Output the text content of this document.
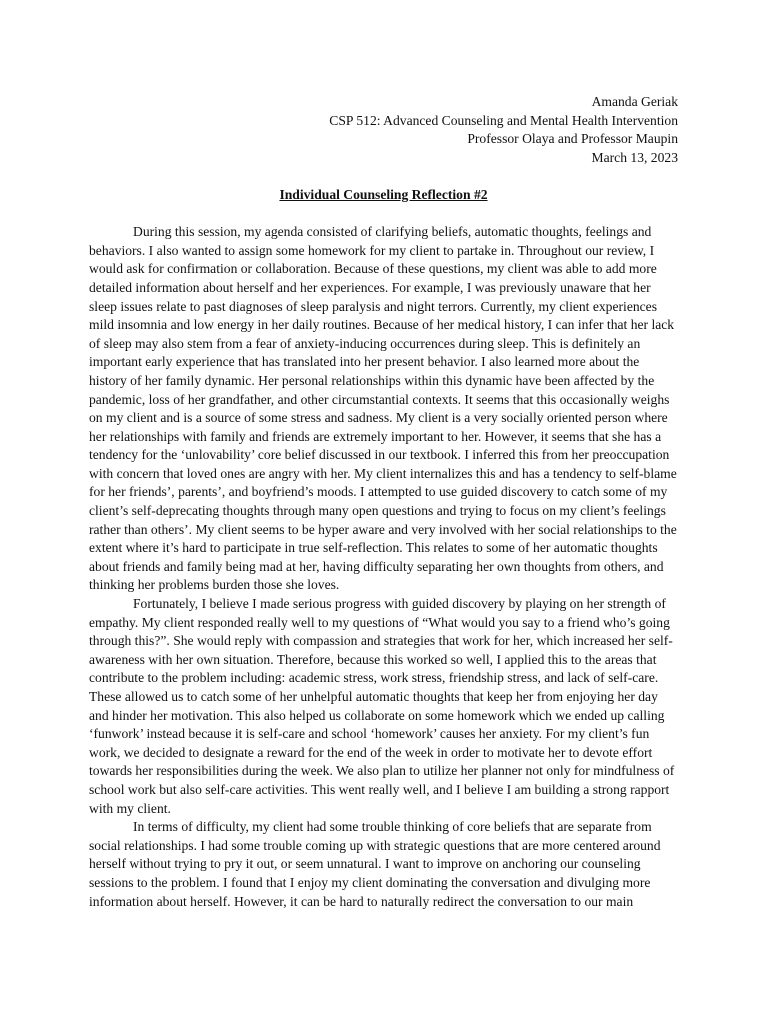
Amanda Geriak
CSP 512: Advanced Counseling and Mental Health Intervention
Professor Olaya and Professor Maupin
March 13, 2023
Individual Counseling Reflection #2

During this session, my agenda consisted of clarifying beliefs, automatic thoughts, feelings and behaviors. I also wanted to assign some homework for my client to partake in. Throughout our review, I would ask for confirmation or collaboration. Because of these questions, my client was able to add more detailed information about herself and her experiences. For example, I was previously unaware that her sleep issues relate to past diagnoses of sleep paralysis and night terrors. Currently, my client experiences mild insomnia and low energy in her daily routines. Because of her medical history, I can infer that her lack of sleep may also stem from a fear of anxiety-inducing occurrences during sleep. This is definitely an important early experience that has translated into her present behavior. I also learned more about the history of her family dynamic. Her personal relationships within this dynamic have been affected by the pandemic, loss of her grandfather, and other circumstantial contexts. It seems that this occasionally weighs on my client and is a source of some stress and sadness. My client is a very socially oriented person where her relationships with family and friends are extremely important to her. However, it seems that she has a tendency for the ‘unlovability’ core belief discussed in our textbook. I inferred this from her preoccupation with concern that loved ones are angry with her. My client internalizes this and has a tendency to self-blame for her friends’, parents’, and boyfriend’s moods. I attempted to use guided discovery to catch some of my client’s self-deprecating thoughts through many open questions and trying to focus on my client’s feelings rather than others’. My client seems to be hyper aware and very involved with her social relationships to the extent where it’s hard to participate in true self-reflection. This relates to some of her automatic thoughts about friends and family being mad at her, having difficulty separating her own thoughts from others, and thinking her problems burden those she loves.

Fortunately, I believe I made serious progress with guided discovery by playing on her strength of empathy. My client responded really well to my questions of “What would you say to a friend who’s going through this?”. She would reply with compassion and strategies that work for her, which increased her self-awareness with her own situation. Therefore, because this worked so well, I applied this to the areas that contribute to the problem including: academic stress, work stress, friendship stress, and lack of self-care. These allowed us to catch some of her unhelpful automatic thoughts that keep her from enjoying her day and hinder her motivation. This also helped us collaborate on some homework which we ended up calling ‘funwork’ instead because it is self-care and school ‘homework’ causes her anxiety. For my client’s fun work, we decided to designate a reward for the end of the week in order to motivate her to devote effort towards her responsibilities during the week. We also plan to utilize her planner not only for mindfulness of school work but also self-care activities. This went really well, and I believe I am building a strong rapport with my client.

In terms of difficulty, my client had some trouble thinking of core beliefs that are separate from social relationships. I had some trouble coming up with strategic questions that are more centered around herself without trying to pry it out, or seem unnatural. I want to improve on anchoring our counseling sessions to the problem. I found that I enjoy my client dominating the conversation and divulging more information about herself. However, it can be hard to naturally redirect the conversation to our main
